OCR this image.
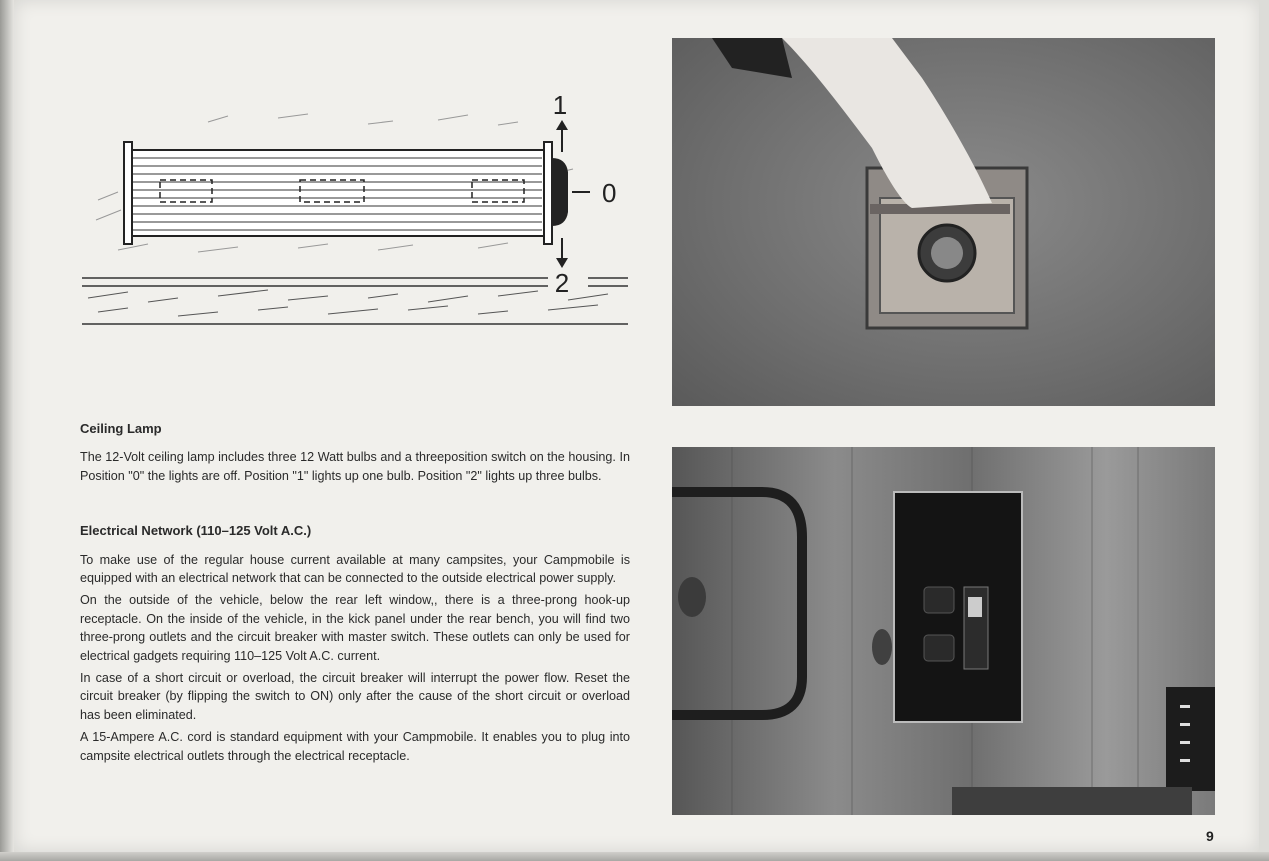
1
0
2
Ceiling Lamp

The 12-Volt ceiling lamp includes three 12 Watt bulbs and a threeposition switch on the housing. In Position "0" the lights are off. Position "1" lights up one bulb. Position "2" lights up three bulbs.

Electrical Network (110–125 Volt A.C.)

To make use of the regular house current available at many campsites, your Campmobile is equipped with an electrical network that can be connected to the outside electrical power supply.

On the outside of the vehicle, below the rear left window,, there is a three-prong hook-up receptacle. On the inside of the vehicle, in the kick panel under the rear bench, you will find two three-prong outlets and the circuit breaker with master switch. These outlets can only be used for electrical gadgets requiring 110–125 Volt A.C. current.

In case of a short circuit or overload, the circuit breaker will interrupt the power flow. Reset the circuit breaker (by flipping the switch to ON) only after the cause of the short circuit or overload has been eliminated.

A 15-Ampere A.C. cord is standard equipment with your Campmobile. It enables you to plug into campsite electrical outlets through the electrical receptacle.

9
